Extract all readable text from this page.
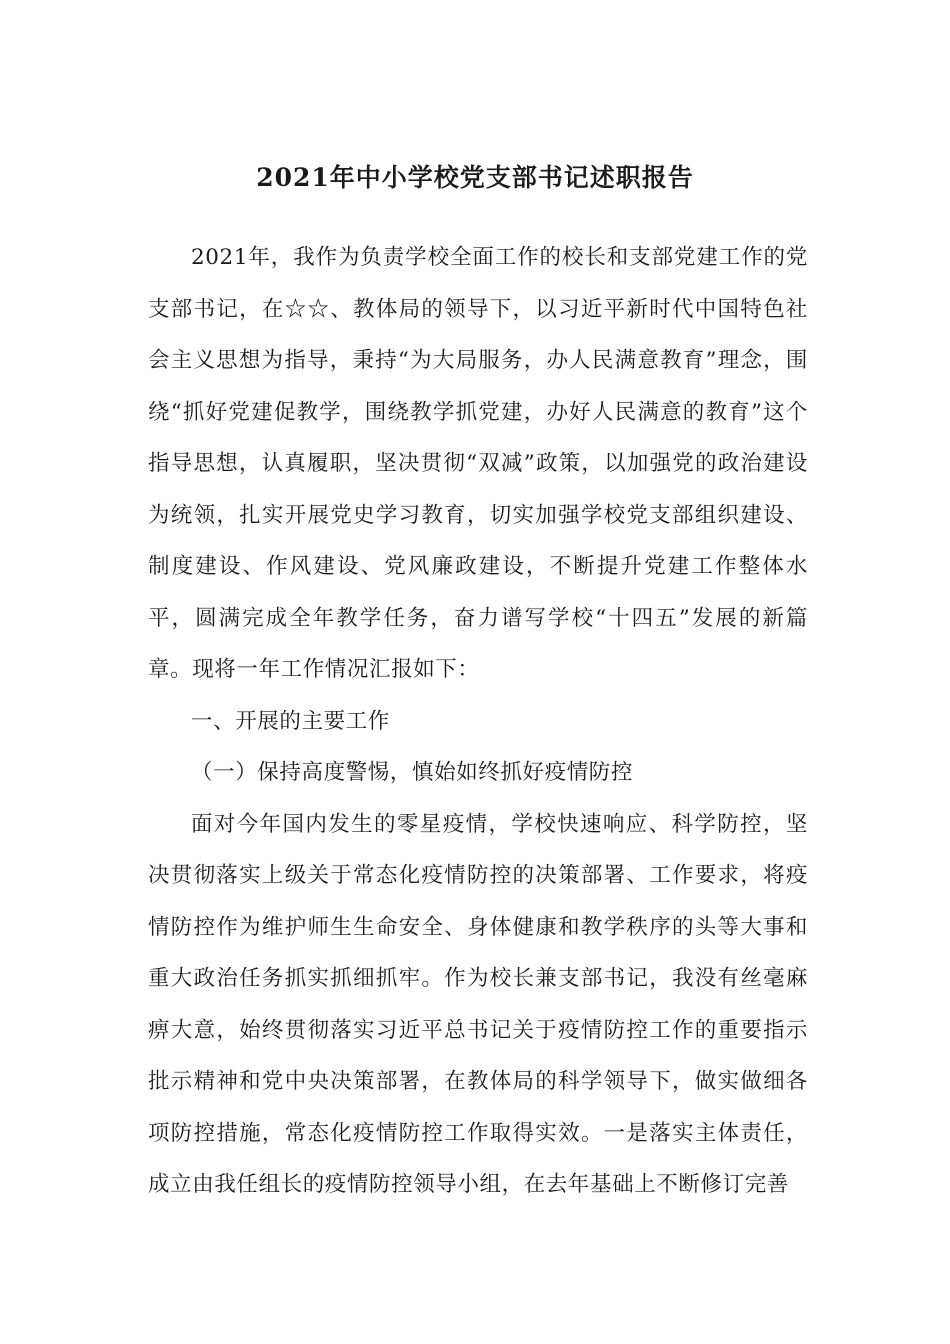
2021年中小学校党支部书记述职报告

2021年，我作为负责学校全面工作的校长和支部党建工作的党支部书记，在☆☆、教体局的领导下，以习近平新时代中国特色社会主义思想为指导，秉持“为大局服务，办人民满意教育”理念，围绕“抓好党建促教学，围绕教学抓党建，办好人民满意的教育”这个指导思想，认真履职，坚决贯彻“双减”政策，以加强党的政治建设为统领，扎实开展党史学习教育，切实加强学校党支部组织建设、制度建设、作风建设、党风廉政建设，不断提升党建工作整体水平，圆满完成全年教学任务，奋力谱写学校“十四五”发展的新篇章。现将一年工作情况汇报如下：

一、开展的主要工作

（一）保持高度警惕，慎始如终抓好疫情防控

面对今年国内发生的零星疫情，学校快速响应、科学防控，坚决贯彻落实上级关于常态化疫情防控的决策部署、工作要求，将疫情防控作为维护师生生命安全、身体健康和教学秩序的头等大事和重大政治任务抓实抓细抓牢。作为校长兼支部书记，我没有丝毫麻痹大意，始终贯彻落实习近平总书记关于疫情防控工作的重要指示批示精神和党中央决策部署，在教体局的科学领导下，做实做细各项防控措施，常态化疫情防控工作取得实效。一是落实主体责任，成立由我任组长的疫情防控领导小组，在去年基础上不断修订完善
